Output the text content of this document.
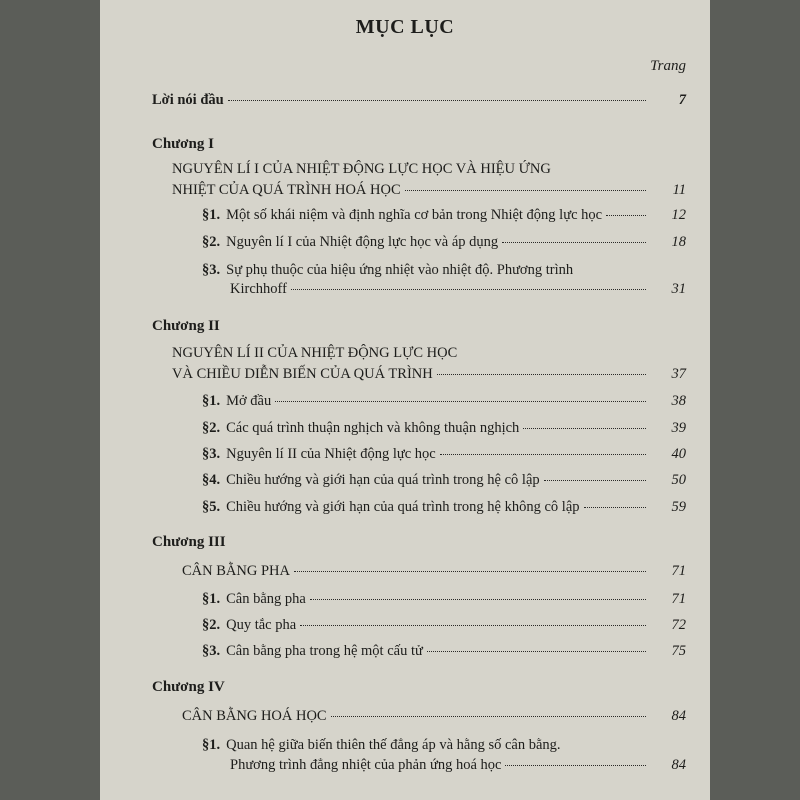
MỤC LỤC
Trang
Lời nói đầu	7
Chương I
NGUYÊN LÍ I CỦA NHIỆT ĐỘNG LỰC HỌC VÀ HIỆU ỨNG
NHIỆT CỦA QUÁ TRÌNH HOÁ HỌC	11
§1. Một số khái niệm và định nghĩa cơ bản trong Nhiệt động lực học	12
§2. Nguyên lí I của Nhiệt động lực học và áp dụng	18
§3. Sự phụ thuộc của hiệu ứng nhiệt vào nhiệt độ. Phương trình
Kirchhoff	31
Chương II
NGUYÊN LÍ II CỦA NHIỆT ĐỘNG LỰC HỌC
VÀ CHIỀU DIỄN BIẾN CỦA QUÁ TRÌNH	37
§1. Mở đầu	38
§2. Các quá trình thuận nghịch và không thuận nghịch	39
§3. Nguyên lí II của Nhiệt động lực học	40
§4. Chiều hướng và giới hạn của quá trình trong hệ cô lập	50
§5. Chiều hướng và giới hạn của quá trình trong hệ không cô lập	59
Chương III
CÂN BẰNG PHA	71
§1. Cân bằng pha	71
§2. Quy tắc pha	72
§3. Cân bằng pha trong hệ một cấu tử	75
Chương IV
CÂN BẰNG HOÁ HỌC	84
§1. Quan hệ giữa biến thiên thế đẳng áp và hằng số cân bằng.
Phương trình đẳng nhiệt của phản ứng hoá học	84
